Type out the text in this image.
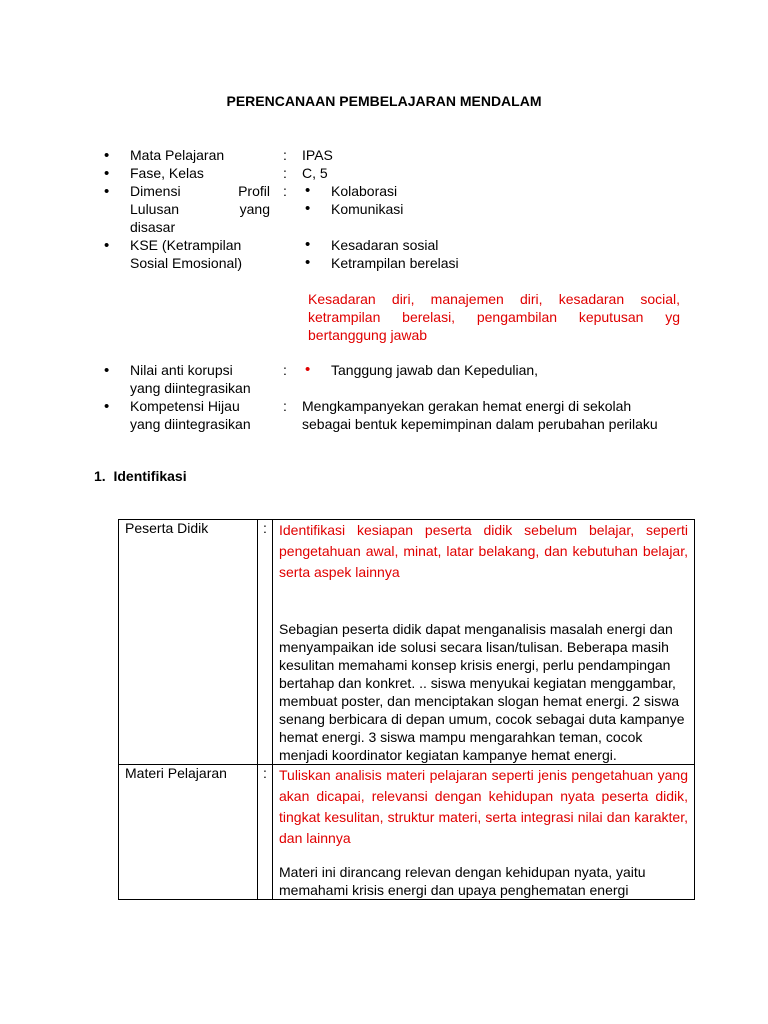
PERENCANAAN PEMBELAJARAN MENDALAM
•
Mata Pelajaran	: IPAS
•
Fase, Kelas	: C, 5
•
Dimensi Profil
Lulusan yang
disasar
:	• Kolaborasi
• Komunikasi
•
KSE (Ketrampilan
Sosial Emosional)
• Kesadaran sosial
• Ketrampilan berelasi
Kesadaran diri, manajemen diri, kesadaran social, ketrampilan berelasi, pengambilan keputusan yg bertanggung jawab
•
Nilai anti korupsi
yang diintegrasikan
:	• Tanggung jawab dan Kepedulian,
•
Kompetensi Hijau
yang diintegrasikan
: Mengkampanyekan gerakan hemat energi di sekolah sebagai bentuk kepemimpinan dalam perubahan perilaku
1. Identifikasi
Peserta Didik	:	Identifikasi kesiapan peserta didik sebelum belajar, seperti pengetahuan awal, minat, latar belakang, dan kebutuhan belajar, serta aspek lainnya
Sebagian peserta didik dapat menganalisis masalah energi dan menyampaikan ide solusi secara lisan/tulisan. Beberapa masih kesulitan memahami konsep krisis energi, perlu pendampingan bertahap dan konkret. .. siswa menyukai kegiatan menggambar, membuat poster, dan menciptakan slogan hemat energi. 2 siswa senang berbicara di depan umum, cocok sebagai duta kampanye hemat energi. 3 siswa mampu mengarahkan teman, cocok menjadi koordinator kegiatan kampanye hemat energi.

Materi Pelajaran	:	Tuliskan analisis materi pelajaran seperti jenis pengetahuan yang akan dicapai, relevansi dengan kehidupan nyata peserta didik, tingkat kesulitan, struktur materi, serta integrasi nilai dan karakter, dan lainnya
Materi ini dirancang relevan dengan kehidupan nyata, yaitu memahami krisis energi dan upaya penghematan energi
